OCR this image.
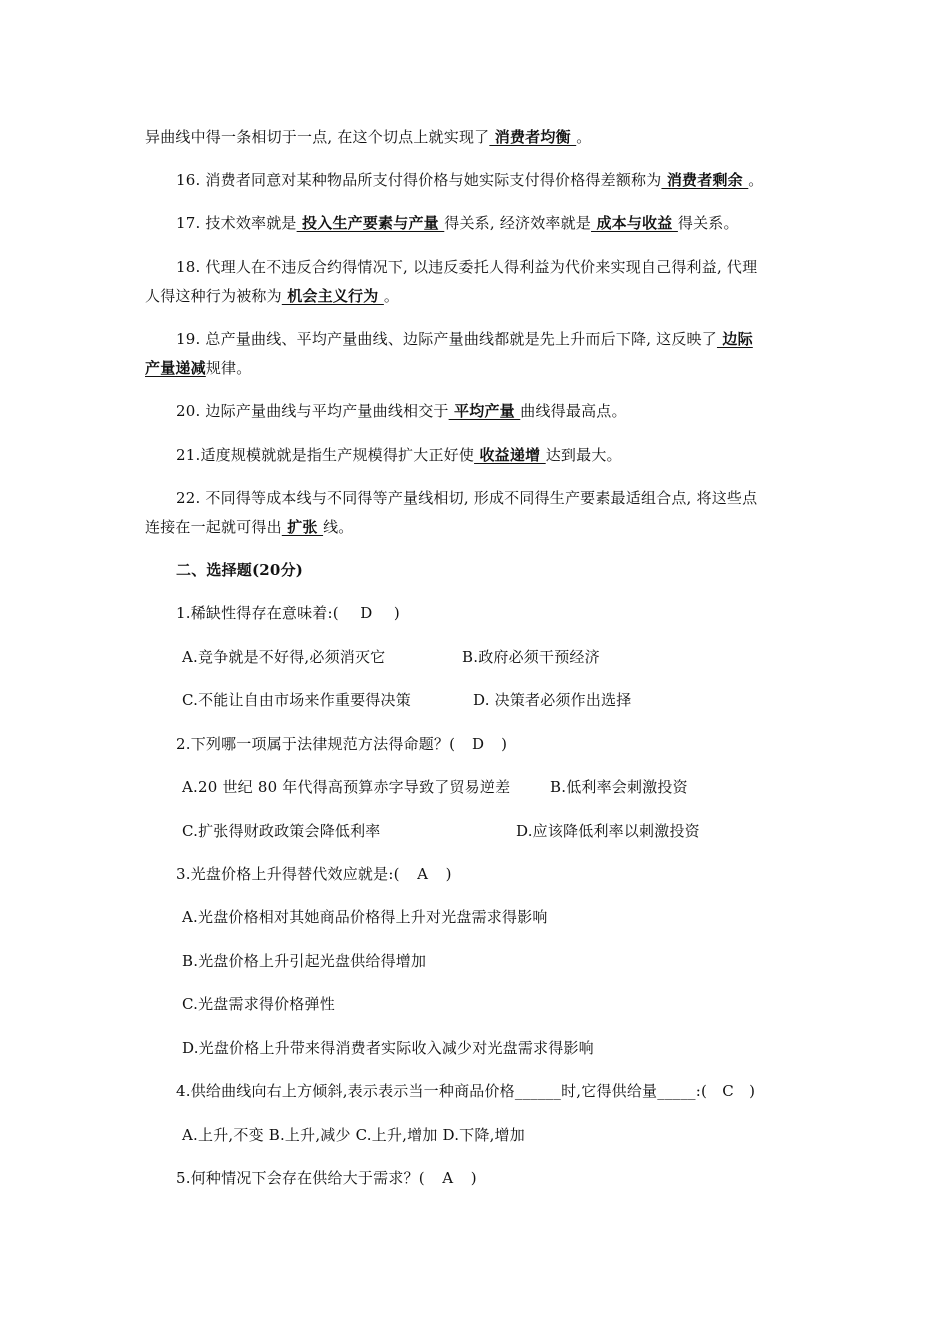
异曲线中得一条相切于一点, 在这个切点上就实现了 消费者均衡 。
16. 消费者同意对某种物品所支付得价格与她实际支付得价格得差额称为 消费者剩余 。
17. 技术效率就是 投入生产要素与产量 得关系, 经济效率就是 成本与收益 得关系。
18. 代理人在不违反合约得情况下, 以违反委托人得利益为代价来实现自己得利益, 代理
人得这种行为被称为 机会主义行为 。
19. 总产量曲线、平均产量曲线、边际产量曲线都就是先上升而后下降, 这反映了 边际
产量递减规律。
20. 边际产量曲线与平均产量曲线相交于 平均产量 曲线得最高点。
21.适度规模就就是指生产规模得扩大正好使 收益递增 达到最大。
22. 不同得等成本线与不同得等产量线相切, 形成不同得生产要素最适组合点, 将这些点
连接在一起就可得出 扩张 线。
二、选择题(20分)
1.稀缺性得存在意味着:( D )
A.竞争就是不好得,必须消灭它	B.政府必须干预经济
C.不能让自由市场来作重要得决策	D. 决策者必须作出选择
2.下列哪一项属于法律规范方法得命题？( D )
A.20 世纪 80 年代得高预算赤字导致了贸易逆差	B.低利率会刺激投资
C.扩张得财政政策会降低利率	D.应该降低利率以刺激投资
3.光盘价格上升得替代效应就是:( A )
A.光盘价格相对其她商品价格得上升对光盘需求得影响
B.光盘价格上升引起光盘供给得增加
C.光盘需求得价格弹性
D.光盘价格上升带来得消费者实际收入减少对光盘需求得影响
4.供给曲线向右上方倾斜,表示表示当一种商品价格______时,它得供给量_____:( C )
A.上升,不变 B.上升,减少 C.上升,增加 D.下降,增加
5.何种情况下会存在供给大于需求？( A )
